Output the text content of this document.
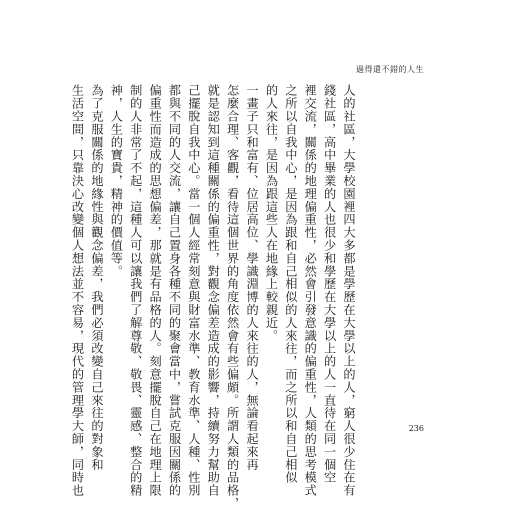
過得還不錯的人生
人的社區，大學校園裡四大多都是學歷在大學以上的人，窮人很少住在有
錢社區，高中畢業的人也很少和學歷在大學以上的人一直待在同一個空
裡交流，關係的地理偏重性，必然會引發意識的偏重性，人類的思考模式
之所以自我中心，是因為跟和自己相似的人來往，而之所以和自己相似
的人來往，是因為跟這些人在地緣上較親近。
一畫子只和富有、位居高位、學識淵博的人來往的人，無論看起來再
怎麼合理、客觀，看待這個世界的角度依然會有些偏頗。所謂人類的品格，
就是認知到這種關係的偏重性，對觀念偏差造成的影響，持續努力幫助自
己擺脫自我中心。當一個人經常刻意與財富水準、教育水準、人種、性別
都與不同的人交流，讓自己置身各種不同的聚會當中，嘗試克服因關係的
偏重性而造成的思想偏差，那就是有品格的人。刻意擺脫自己在地理上限
制的人非常了不起，這種人可以讓我們了解尊敬、敬畏、靈感、整合的精
神，人生的寶貴，精神的價值等。
為了克服關係的地緣性與觀念偏差，我們必須改變自己來往的對象和
生活空間，只靠決心改變個人想法並不容易，現代的管理學大師，同時也	236
